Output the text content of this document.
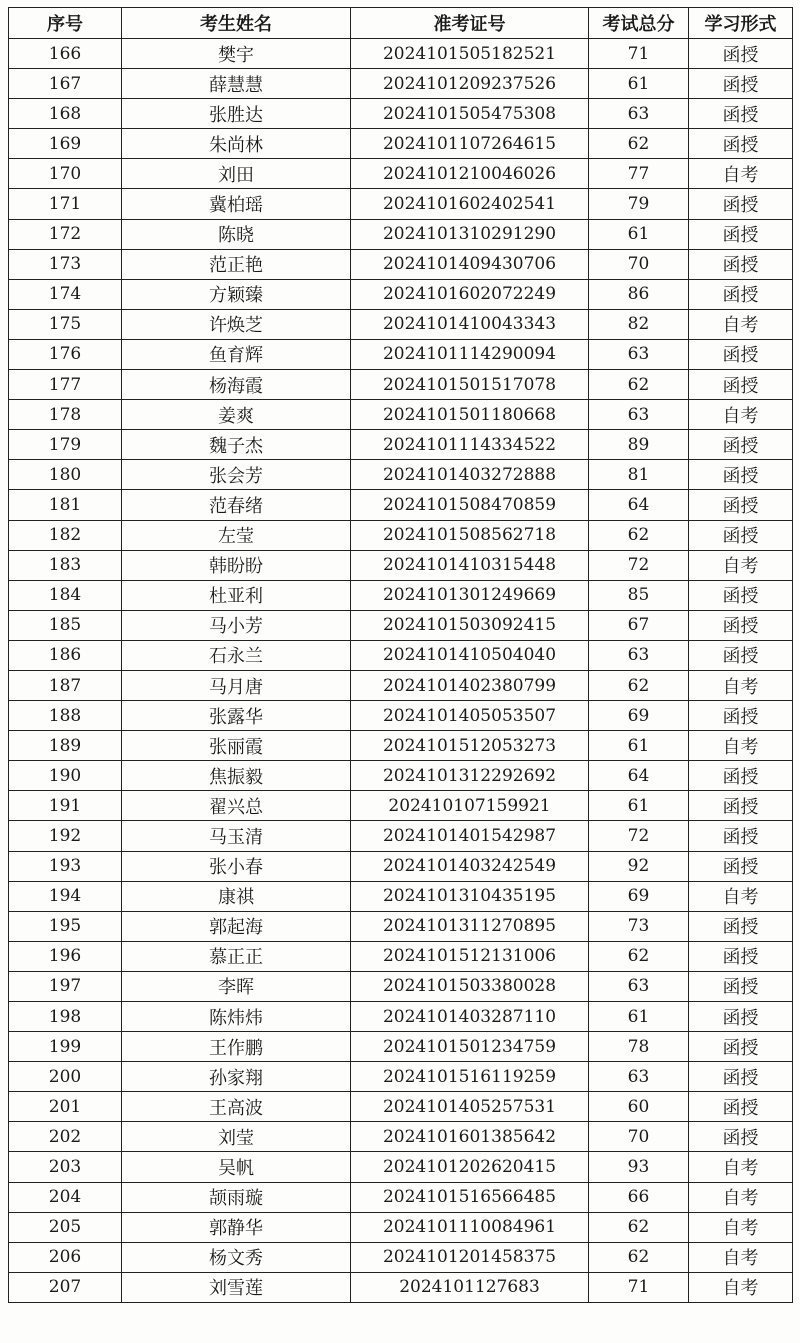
序号	考生姓名	准考证号	考试总分	学习形式
166	樊宇	2024101505182521	71	函授
167	薛慧慧	2024101209237526	61	函授
168	张胜达	2024101505475308	63	函授
169	朱尚林	2024101107264615	62	函授
170	刘田	2024101210046026	77	自考
171	冀柏瑶	2024101602402541	79	函授
172	陈晓	2024101310291290	61	函授
173	范正艳	2024101409430706	70	函授
174	方颖臻	2024101602072249	86	函授
175	许焕芝	2024101410043343	82	自考
176	鱼育辉	2024101114290094	63	函授
177	杨海霞	2024101501517078	62	函授
178	姜爽	2024101501180668	63	自考
179	魏子杰	2024101114334522	89	函授
180	张会芳	2024101403272888	81	函授
181	范春绪	2024101508470859	64	函授
182	左莹	2024101508562718	62	函授
183	韩盼盼	2024101410315448	72	自考
184	杜亚利	2024101301249669	85	函授
185	马小芳	2024101503092415	67	函授
186	石永兰	2024101410504040	63	函授
187	马月唐	2024101402380799	62	自考
188	张露华	2024101405053507	69	函授
189	张丽霞	2024101512053273	61	自考
190	焦振毅	2024101312292692	64	函授
191	翟兴总	202410107159921	61	函授
192	马玉清	2024101401542987	72	函授
193	张小春	2024101403242549	92	函授
194	康祺	2024101310435195	69	自考
195	郭起海	2024101311270895	73	函授
196	慕正正	2024101512131006	62	函授
197	李晖	2024101503380028	63	函授
198	陈炜炜	2024101403287110	61	函授
199	王作鹏	2024101501234759	78	函授
200	孙家翔	2024101516119259	63	函授
201	王高波	2024101405257531	60	函授
202	刘莹	2024101601385642	70	函授
203	吴帆	2024101202620415	93	自考
204	颉雨璇	2024101516566485	66	自考
205	郭静华	2024101110084961	62	自考
206	杨文秀	2024101201458375	62	自考
207	刘雪莲	2024101127683	71	自考
